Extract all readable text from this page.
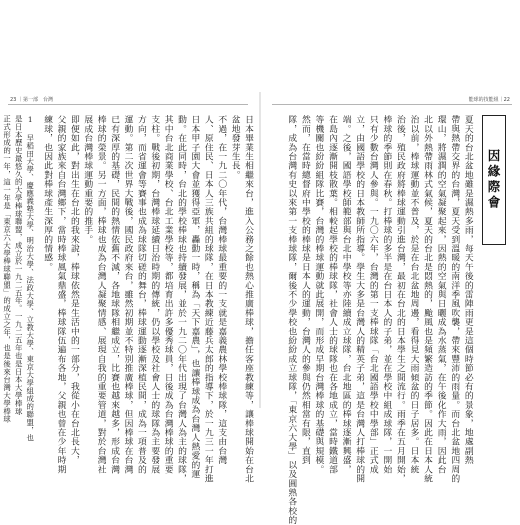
23 ｜第一部　台灣	能球的技能組｜22
因緣際會
夏天的台北盆地雖是濕熱多雨，每天午後的雷陣雨更是這個時節必有的景象，地處副熱
帶與熱帶交界的台灣，夏天受到溫暖的南洋季風吹襲，帶來豐沛的雨量。而台北盆地四周的
環山，將濕潤的空氣凝聚起來，因熱的空氣與日曬成為水蒸氣，在午後化作大雨，因此台
北以外熱帶雨林式氣候，夏天的台北是悶熱的，颱風也是頻繁造訪的季節。因此在日本人統
治以前，棒球運動並不普及，於是在台北盆地周邊，看得見大雨傾盆的日子居多。日本統
治後，殖民政府將棒球運動引進台灣，最初在台北的日本學生之間流行。雨季在五月開始，
棒球的季節則在春秋。打棒球的多半是在台日本人的子弟，並在學校中組成球隊，一開始
只有少數台灣人參與。一九〇六年，台灣的第一支棒球隊「台北國語學校中學部」正式成
立，由國語學校的日本教師所指導。學生大多是台灣人的精英子弟，這是台灣人打棒球的開
端。之後，國語學校師範部與台北中學校等亦陸續成立球隊，台北地區的棒球逐漸興盛，
在島內逐漸開枝散葉。相較起學校的棒球隊，社會人士的球隊也在各地成立，當時鐵道部
等機關也紛紛組隊比賽，台灣的棒球運動就此展開，而形成早期台灣棒球的基礎與規模。
然而，在當時總督府中學校的棒球是日本人的運動，台灣人的參與仍然相當有限，直到
隊，成為台灣有史以來第一支棒球隊，爾後不少學校也紛紛成立球隊，「東京六大學」以及圓熟各校的
日本畢業生相繼來台，進入公務之餘也熱心推廣棒球，擔任客座教練等，讓棒球開始在台北
盆地發芽生長。
不過，在一九二〇年代，台灣棒球最重要的一支就是嘉義農林學校棒球隊，這支由台灣
人、原住民、日本人三族共組的球隊，在日本教練近藤兵太郎的指導下，於一九三一年打進
日本甲子園大會並獲得亞軍，轟動一時，稱為「天下嘉農」，也讓棒球成為台灣人熱愛的運
動。在此同時，台北的學校棒球也持續發展，並於一九二〇年代出現了台灣人為主的球隊，
其中台北商業學校、台北工業學校等，都培育出許多優秀球員，日後成為台灣棒球的重要
支柱。戰後初期，台灣棒球延續日治時期的傳統，仍以學校及社會人士的球隊為主要發展
方向，而省運會等賽事也成為球隊切磋的舞台，棒球運動逐漸深植民間，成為一項普及的
運動。第二次世界大戰後，國民政府來台，雖然初期並不特別推廣棒球，但因棒球在台灣
已有深厚的基礎，民間的熱情依舊不減，各地球隊相繼成立，比賽也越來越多，形成台灣
棒球的榮景。另一方面，棒球也成為台灣人凝聚情感、展現自我的重要管道，對於台灣社
展成台灣棒球運動重要的推手。
即便如此，對出生在台北的我來說，棒球依然是生活中的一部分，我從小在台北長大，
父親的家族來自台灣鄉下，當時棒球風氣鼎盛，棒球隊伍遍布各地，父親也曾在少年時期
練球，也因此對棒球產生深厚的情感。
1 早稻田大學、慶應義塾大學、明治大學、法政大學、立教大學、東京大學組成的聯盟，也
是日本歷史最悠久的大學棒球聯盟，成立於一九二五年。一九二五年也是日本大學棒球
正式形成的一年，這一年是「東京六大學棒球聯盟」的成立之年，也是後來台灣大學棒球
